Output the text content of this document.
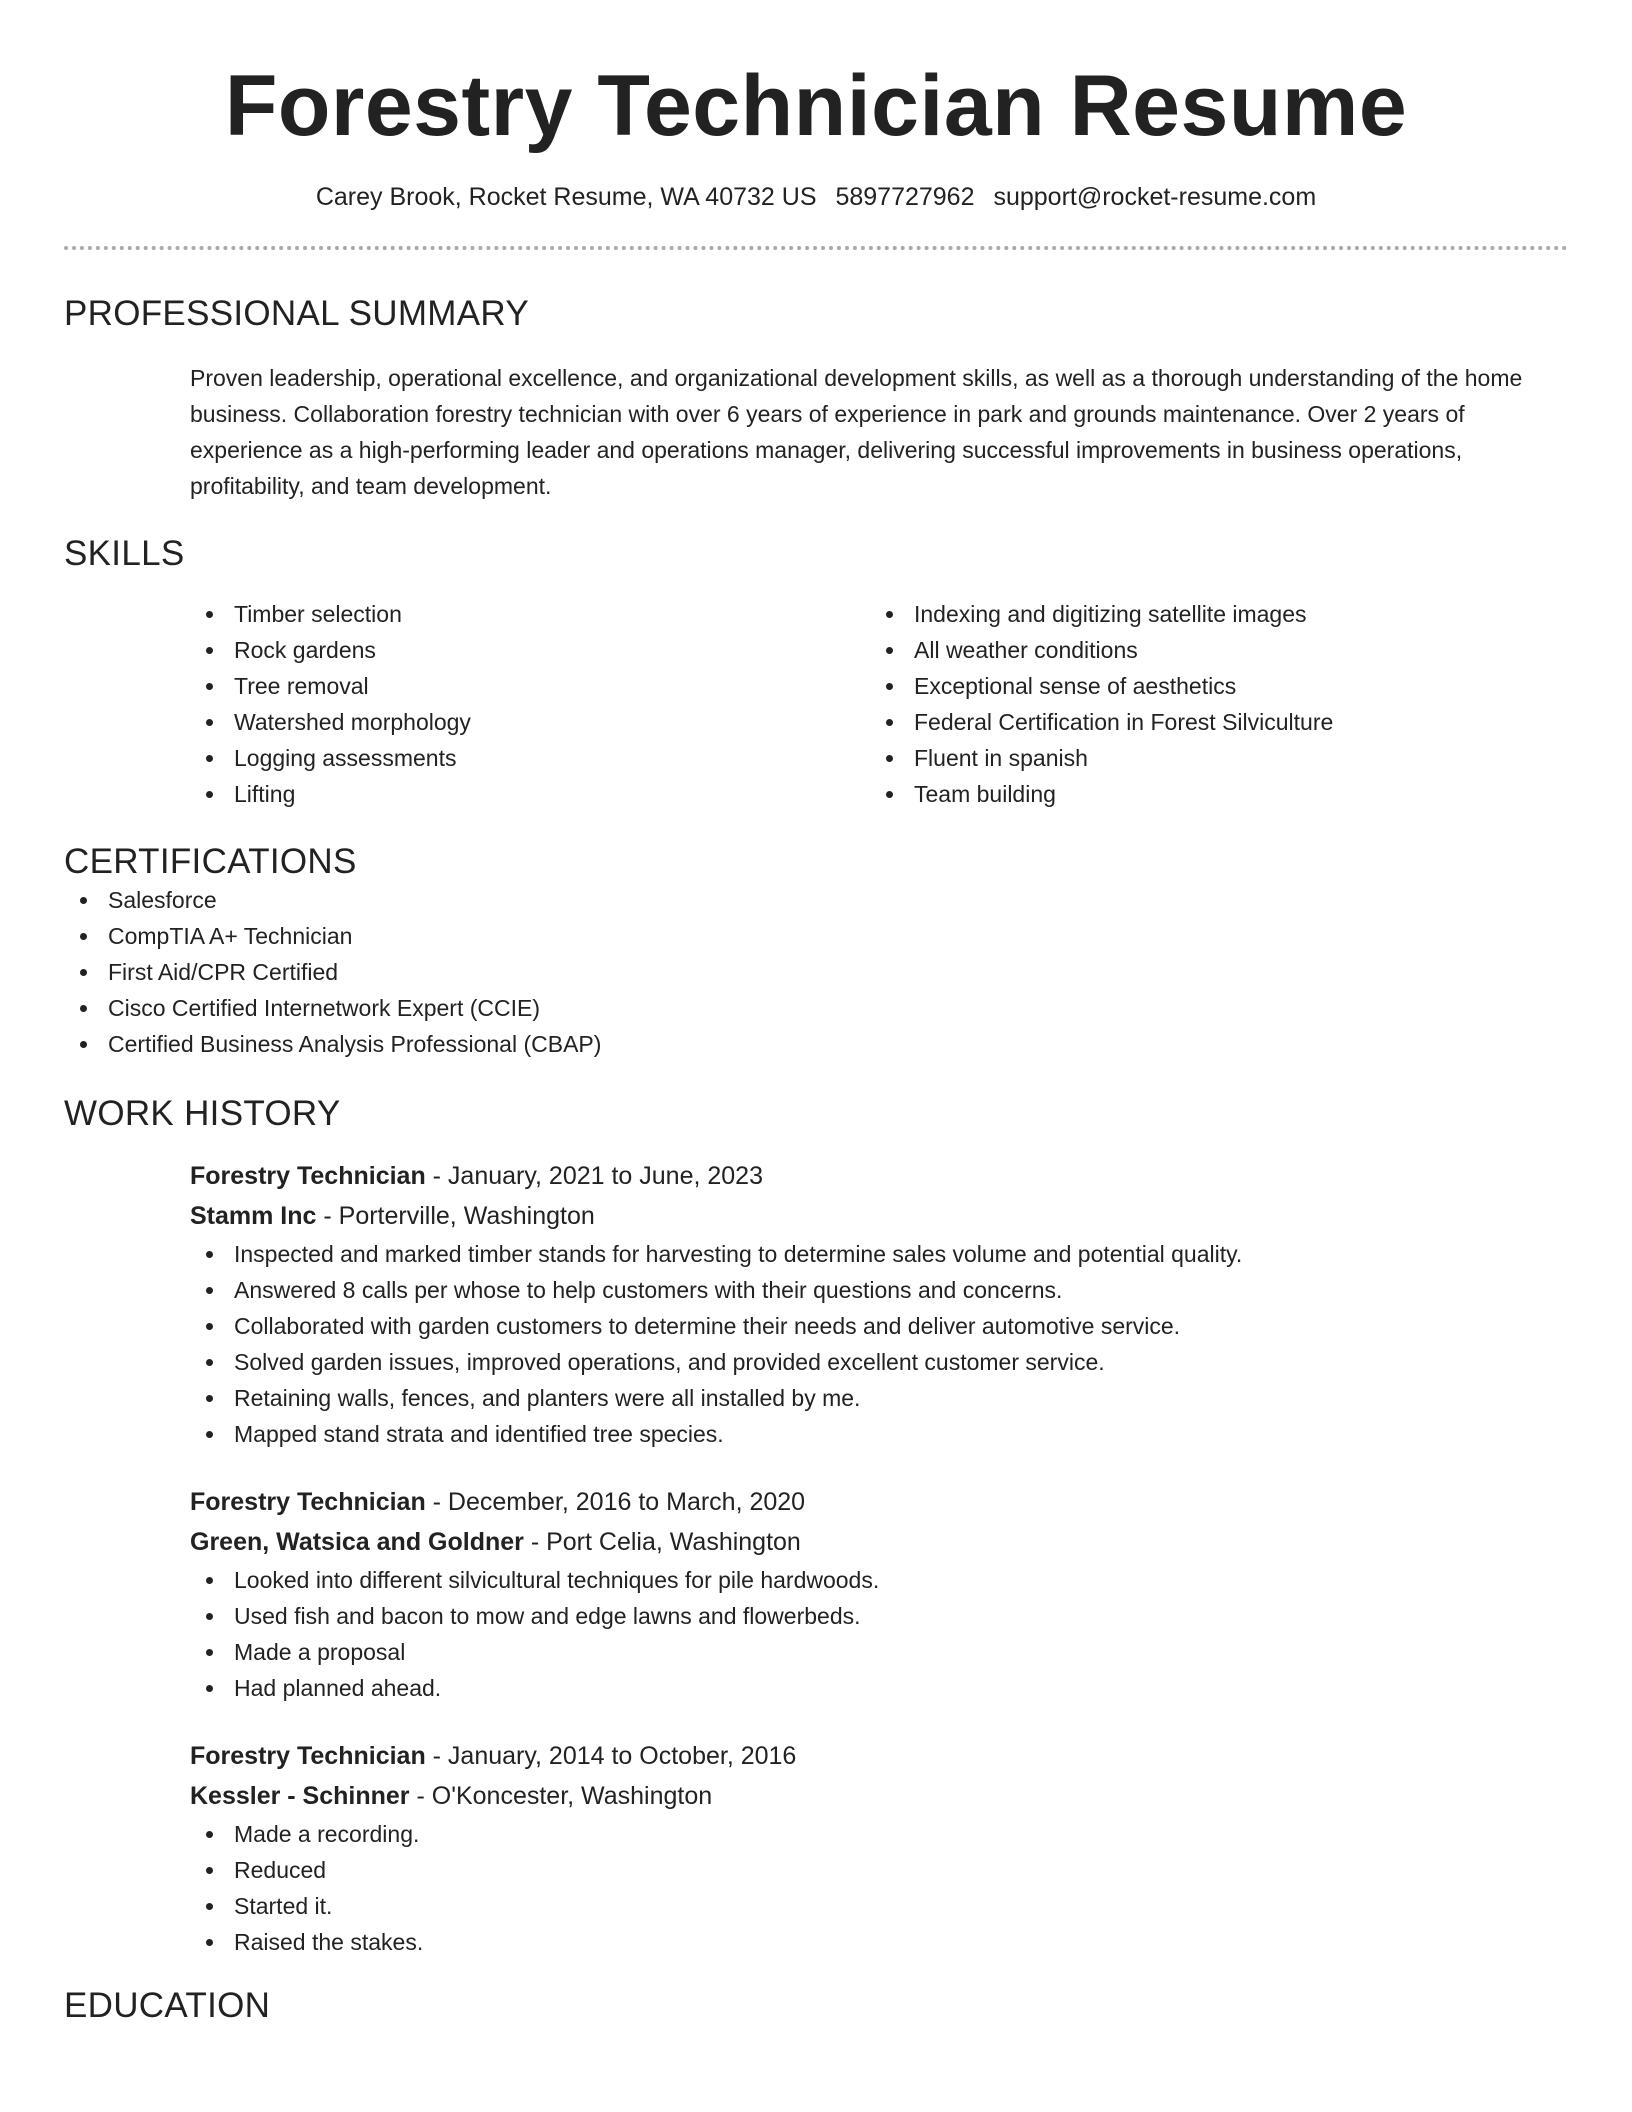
Forestry Technician Resume
Carey Brook, Rocket Resume, WA 40732 US 5897727962 support@rocket-resume.com
PROFESSIONAL SUMMARY

Proven leadership, operational excellence, and organizational development skills, as well as a thorough understanding of the home business. Collaboration forestry technician with over 6 years of experience in park and grounds maintenance. Over 2 years of experience as a high-performing leader and operations manager, delivering successful improvements in business operations, profitability, and team development.

SKILLS
Timber selection
Rock gardens
Tree removal
Watershed morphology
Logging assessments
Lifting
Indexing and digitizing satellite images
All weather conditions
Exceptional sense of aesthetics
Federal Certification in Forest Silviculture
Fluent in spanish
Team building
CERTIFICATIONS
Salesforce
CompTIA A+ Technician
First Aid/CPR Certified
Cisco Certified Internetwork Expert (CCIE)
Certified Business Analysis Professional (CBAP)
WORK HISTORY
Forestry Technician - January, 2021 to June, 2023
Stamm Inc - Porterville, Washington
Inspected and marked timber stands for harvesting to determine sales volume and potential quality.
Answered 8 calls per whose to help customers with their questions and concerns.
Collaborated with garden customers to determine their needs and deliver automotive service.
Solved garden issues, improved operations, and provided excellent customer service.
Retaining walls, fences, and planters were all installed by me.
Mapped stand strata and identified tree species.
Forestry Technician - December, 2016 to March, 2020
Green, Watsica and Goldner - Port Celia, Washington
Looked into different silvicultural techniques for pile hardwoods.
Used fish and bacon to mow and edge lawns and flowerbeds.
Made a proposal
Had planned ahead.
Forestry Technician - January, 2014 to October, 2016
Kessler - Schinner - O'Koncester, Washington
Made a recording.
Reduced
Started it.
Raised the stakes.
EDUCATION
